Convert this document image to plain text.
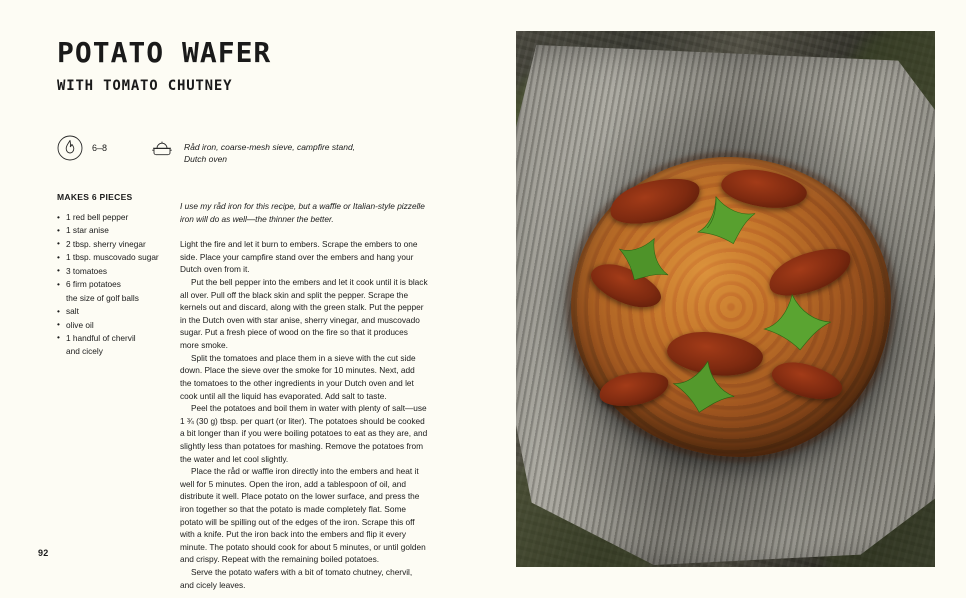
POTATO WAFER
WITH TOMATO CHUTNEY
6–8	Råd iron, coarse-mesh sieve, campfire stand, Dutch oven

MAKES 6 PIECES

• 1 red bell pepper
• 1 star anise
• 2 tbsp. sherry vinegar
• 1 tbsp. muscovado sugar
• 3 tomatoes
• 6 firm potatoes
the size of golf balls
• salt
• olive oil
• 1 handful of chervil
and cicely

I use my råd iron for this recipe, but a waffle or Italian-style pizzelle iron will do as well—the thinner the better.

Light the fire and let it burn to embers. Scrape the embers to one side. Place your campfire stand over the embers and hang your Dutch oven from it.

Put the bell pepper into the embers and let it cook until it is black all over. Pull off the black skin and split the pepper. Scrape the kernels out and discard, along with the green stalk. Put the pepper in the Dutch oven with star anise, sherry vinegar, and muscovado sugar. Put a fresh piece of wood on the fire so that it produces more smoke.

Split the tomatoes and place them in a sieve with the cut side down. Place the sieve over the smoke for 10 minutes. Next, add the tomatoes to the other ingredients in your Dutch oven and let cook until all the liquid has evaporated. Add salt to taste.

Peel the potatoes and boil them in water with plenty of salt—use 1 ¾ (30 g) tbsp. per quart (or liter). The potatoes should be cooked a bit longer than if you were boiling potatoes to eat as they are, and slightly less than potatoes for mashing. Remove the potatoes from the water and let cool slightly.

Place the råd or waffle iron directly into the embers and heat it well for 5 minutes. Open the iron, add a tablespoon of oil, and distribute it well. Place potato on the lower surface, and press the iron together so that the potato is made completely flat. Some potato will be spilling out of the edges of the iron. Scrape this off with a knife. Put the iron back into the embers and flip it every minute. The potato should cook for about 5 minutes, or until golden and crispy. Repeat with the remaining boiled potatoes.

Serve the potato wafers with a bit of tomato chutney, chervil, and cicely leaves.

92
